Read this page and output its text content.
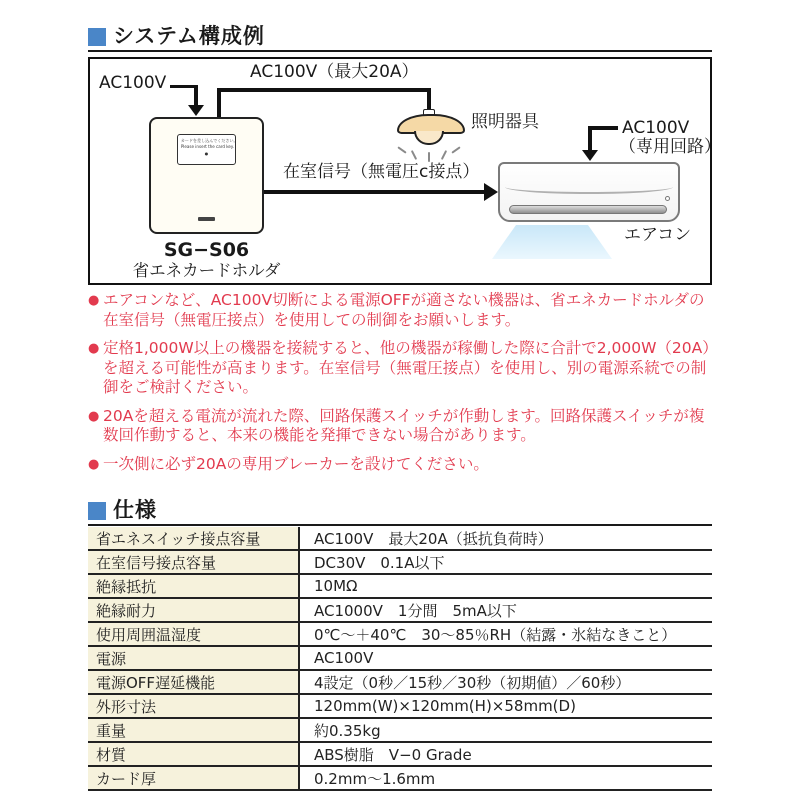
システム構成例
AC100V
AC100V（最大20A）
カードを差し込んでください。
Please insert the card key.
●
SG−S06
省エネカードホルダ
照明器具
在室信号（無電圧c接点）
AC100V
（専用回路）
エアコン
● エアコンなど、AC100V切断による電源OFFが適さない機器は、省エネカードホルダの在室信号（無電圧接点）を使用しての制御をお願いします。
● 定格1,000W以上の機器を接続すると、他の機器が稼働した際に合計で2,000W（20A）を超える可能性が高まります。在室信号（無電圧接点）を使用し、別の電源系統での制御をご検討ください。
● 20Aを超える電流が流れた際、回路保護スイッチが作動します。回路保護スイッチが複数回作動すると、本来の機能を発揮できない場合があります。
● 一次側に必ず20Aの専用ブレーカーを設けてください。
仕様
省エネスイッチ接点容量	AC100V　最大20A（抵抗負荷時）
在室信号接点容量	DC30V　0.1A以下
絶縁抵抗	10MΩ
絶縁耐力	AC1000V　1分間　5mA以下
使用周囲温湿度	0℃〜＋40℃　30〜85％RH（結露・氷結なきこと）
電源	AC100V
電源OFF遅延機能	4設定（0秒／15秒／30秒（初期値）／60秒）
外形寸法	120mm(W)×120mm(H)×58mm(D)
重量	約0.35kg
材質	ABS樹脂　V−0 Grade
カード厚	0.2mm〜1.6mm
